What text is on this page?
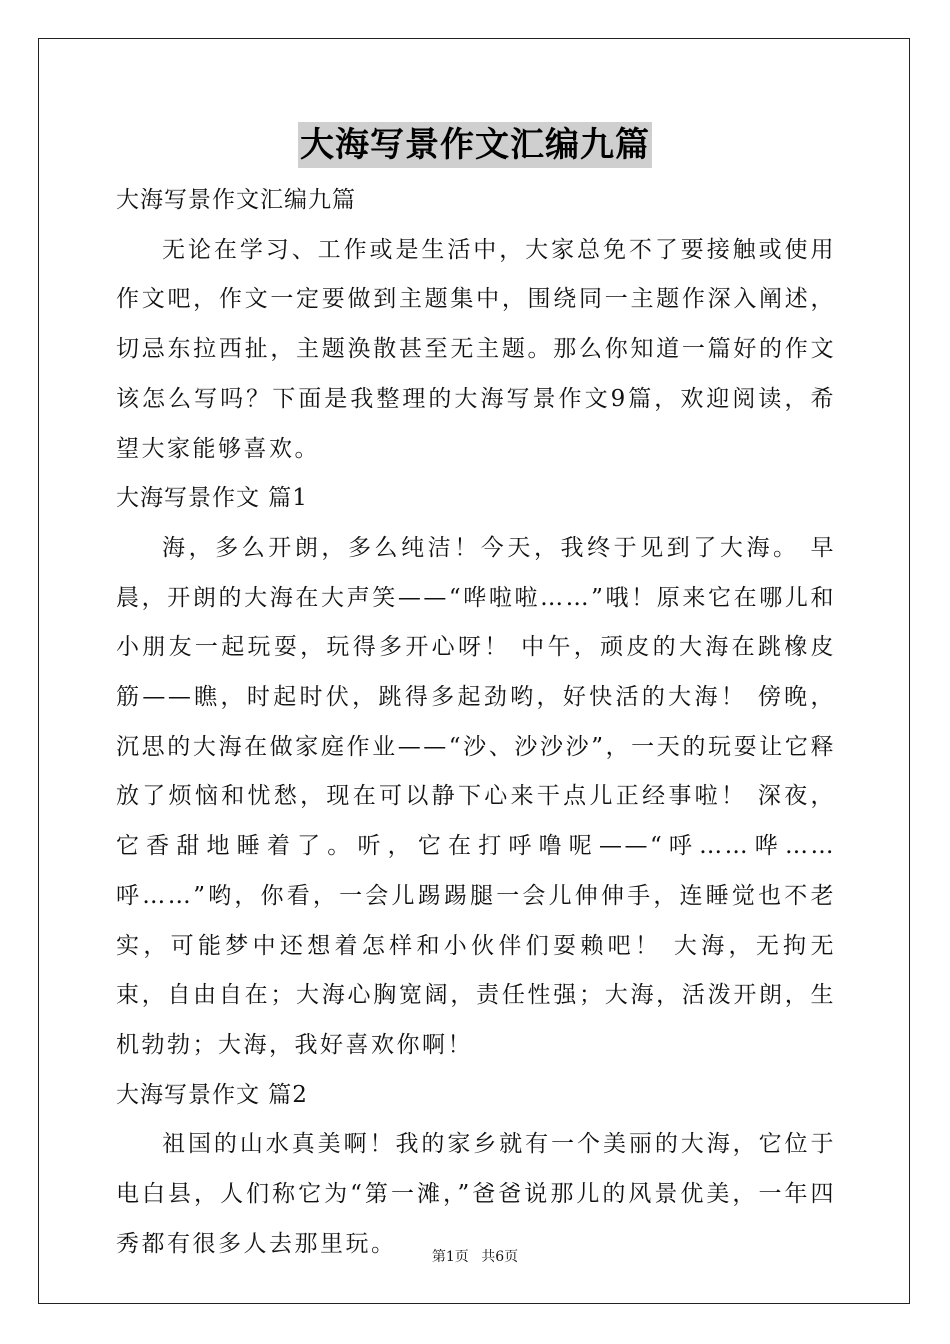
大海写景作文汇编九篇

大海写景作文汇编九篇

无论在学习、工作或是生活中，大家总免不了要接触或使用作文吧，作文一定要做到主题集中，围绕同一主题作深入阐述，切忌东拉西扯，主题涣散甚至无主题。那么你知道一篇好的作文该怎么写吗？下面是我整理的大海写景作文9篇，欢迎阅读，希望大家能够喜欢。

大海写景作文 篇1

海，多么开朗，多么纯洁！今天，我终于见到了大海。 早晨，开朗的大海在大声笑——“哗啦啦……”哦！原来它在哪儿和小朋友一起玩耍，玩得多开心呀！ 中午，顽皮的大海在跳橡皮筋——瞧，时起时伏，跳得多起劲哟，好快活的大海！ 傍晚，沉思的大海在做家庭作业——“沙、沙沙沙”，一天的玩耍让它释放了烦恼和忧愁，现在可以静下心来干点儿正经事啦！ 深夜，它香甜地睡着了。听，它在打呼噜呢——“呼……哗……呼……”哟，你看，一会儿踢踢腿一会儿伸伸手，连睡觉也不老实，可能梦中还想着怎样和小伙伴们耍赖吧！ 大海，无拘无束，自由自在；大海心胸宽阔，责任性强；大海，活泼开朗，生机勃勃；大海，我好喜欢你啊！

大海写景作文 篇2

祖国的山水真美啊！我的家乡就有一个美丽的大海，它位于电白县，人们称它为“第一滩，”爸爸说那儿的风景优美，一年四秀都有很多人去那里玩。

第1页 共6页
